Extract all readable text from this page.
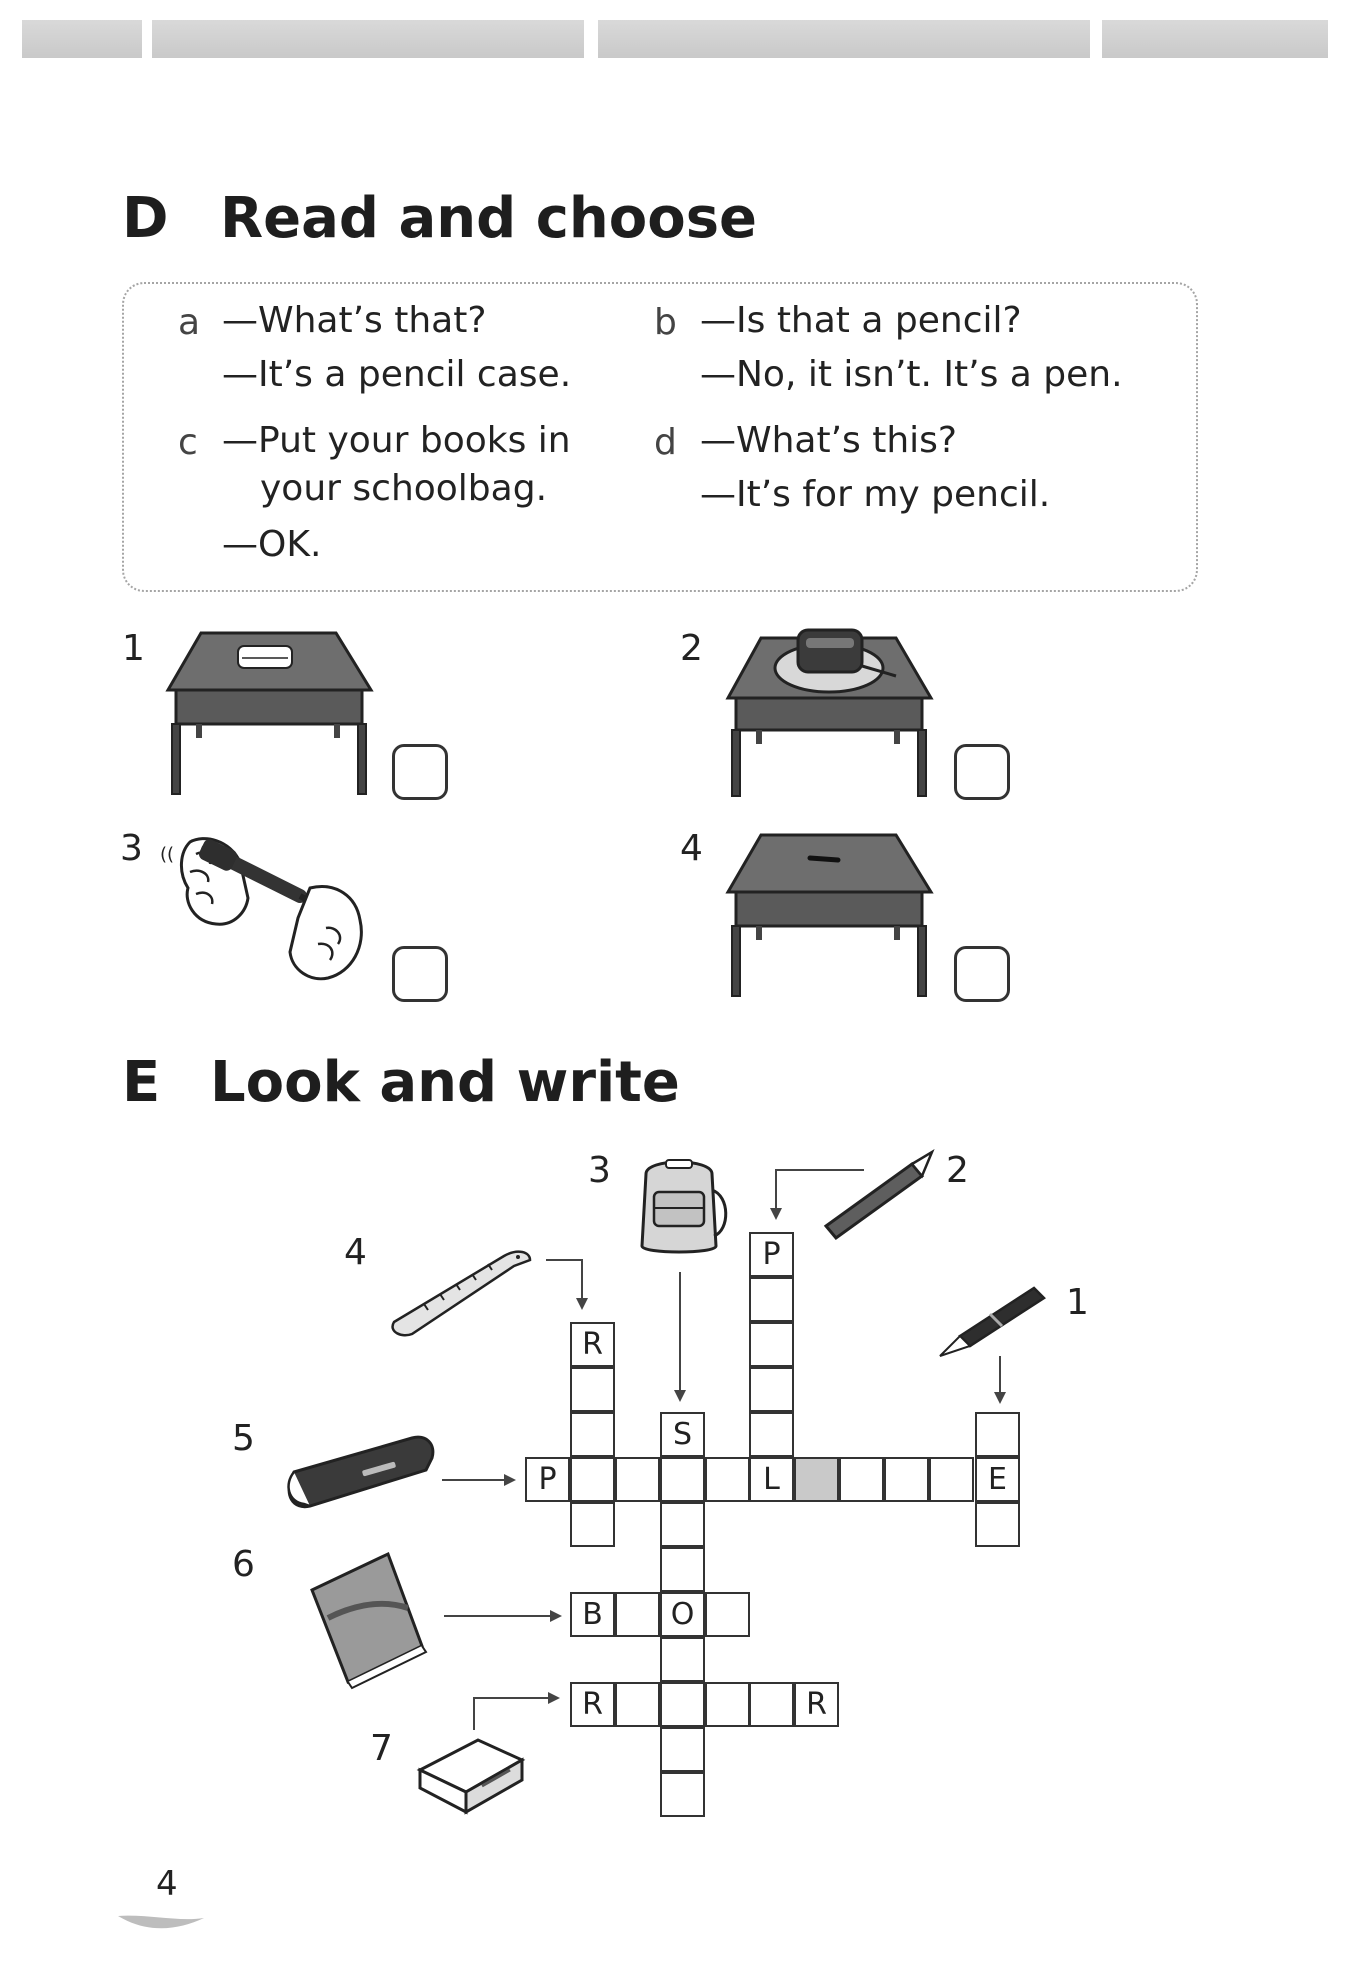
D Read and choose
a —What’s that?
—It’s a pencil case.
b —Is that a pencil?
—No, it isn’t. It’s a pen.
c —Put your books in
your schoolbag.
—OK.
d —What’s this?
—It’s for my pencil.
1	2
3	4
((
E Look and write
1
2
3
4
5
6
7
P
R
S
P	L	E
B	O
R	R
4
